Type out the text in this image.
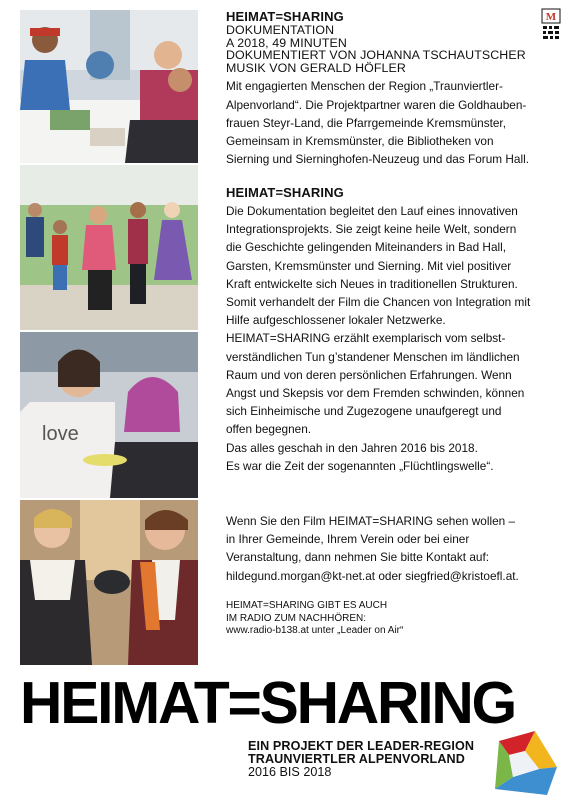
love
M

HEIMAT=SHARING

DOKUMENTATION
A 2018, 49 MINUTEN
DOKUMENTIERT VON JOHANNA TSCHAUTSCHER
MUSIK VON GERALD HÖFLER
Mit engagierten Menschen der Region „Traunviertler-
Alpenvorland“. Die Projektpartner waren die Goldhauben-
frauen Steyr-Land, die Pfarrgemeinde Kremsmünster,
Gemeinsam in Kremsmünster, die Bibliotheken von
Sierning und Sierninghofen-Neuzeug und das Forum Hall.

HEIMAT=SHARING

Die Dokumentation begleitet den Lauf eines innovativen
Integrationsprojekts. Sie zeigt keine heile Welt, sondern
die Geschichte gelingenden Miteinanders in Bad Hall,
Garsten, Kremsmünster und Sierning. Mit viel positiver
Kraft entwickelte sich Neues in traditionellen Strukturen.
Somit verhandelt der Film die Chancen von Integration mit
Hilfe aufgeschlossener lokaler Netzwerke.
HEIMAT=SHARING erzählt exemplarisch vom selbst-
verständlichen Tun g’standener Menschen im ländlichen
Raum und von deren persönlichen Erfahrungen. Wenn
Angst und Skepsis vor dem Fremden schwinden, können
sich Einheimische und Zugezogene unaufgeregt und
offen begegnen.
Das alles geschah in den Jahren 2016 bis 2018.
Es war die Zeit der sogenannten „Flüchtlingswelle“.
Wenn Sie den Film HEIMAT=SHARING sehen wollen –
in Ihrer Gemeinde, Ihrem Verein oder bei einer
Veranstaltung, dann nehmen Sie bitte Kontakt auf:
hildegund.morgan@kt-net.at oder siegfried@kristoefl.at.
HEIMAT=SHARING GIBT ES AUCH
IM RADIO ZUM NACHHÖREN:
www.radio-b138.at unter „Leader on Air“
HEIMAT=SHARING
EIN PROJEKT DER LEADER-REGION
TRAUNVIERTLER ALPENVORLAND
2016 BIS 2018
